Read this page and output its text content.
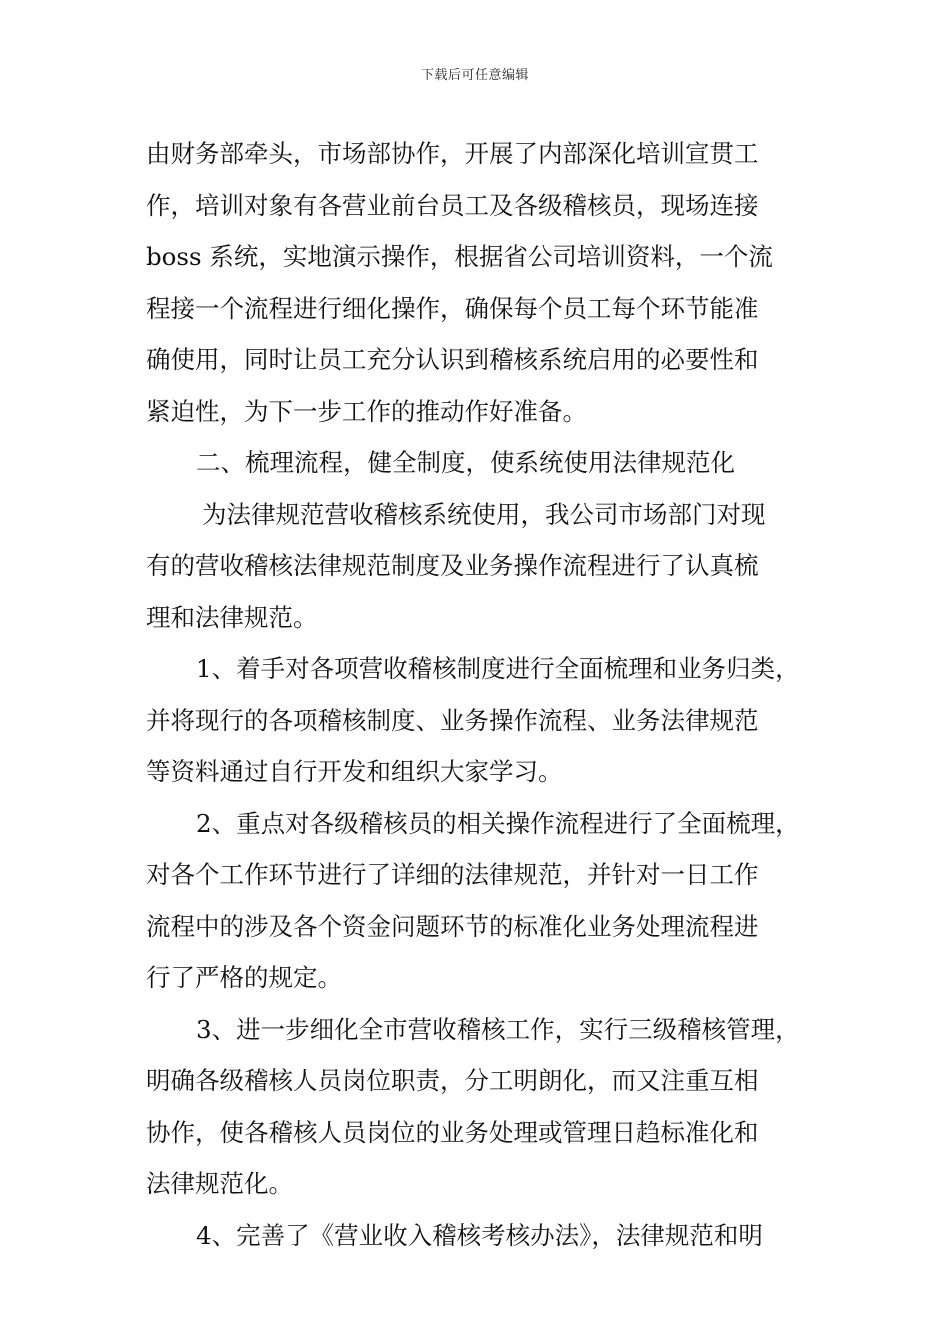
下载后可任意编辑
由财务部牵头，市场部协作，开展了内部深化培训宣贯工
作，培训对象有各营业前台员工及各级稽核员，现场连接
boss 系统，实地演示操作，根据省公司培训资料，一个流
程接一个流程进行细化操作，确保每个员工每个环节能准
确使用，同时让员工充分认识到稽核系统启用的必要性和
紧迫性，为下一步工作的推动作好准备。
二、梳理流程，健全制度，使系统使用法律规范化
为法律规范营收稽核系统使用，我公司市场部门对现
有的营收稽核法律规范制度及业务操作流程进行了认真梳
理和法律规范。
1、着手对各项营收稽核制度进行全面梳理和业务归类，
并将现行的各项稽核制度、业务操作流程、业务法律规范
等资料通过自行开发和组织大家学习。
2、重点对各级稽核员的相关操作流程进行了全面梳理，
对各个工作环节进行了详细的法律规范，并针对一日工作
流程中的涉及各个资金问题环节的标准化业务处理流程进
行了严格的规定。
3、进一步细化全市营收稽核工作，实行三级稽核管理，
明确各级稽核人员岗位职责，分工明朗化，而又注重互相
协作，使各稽核人员岗位的业务处理或管理日趋标准化和
法律规范化。
4、完善了《营业收入稽核考核办法》，法律规范和明
